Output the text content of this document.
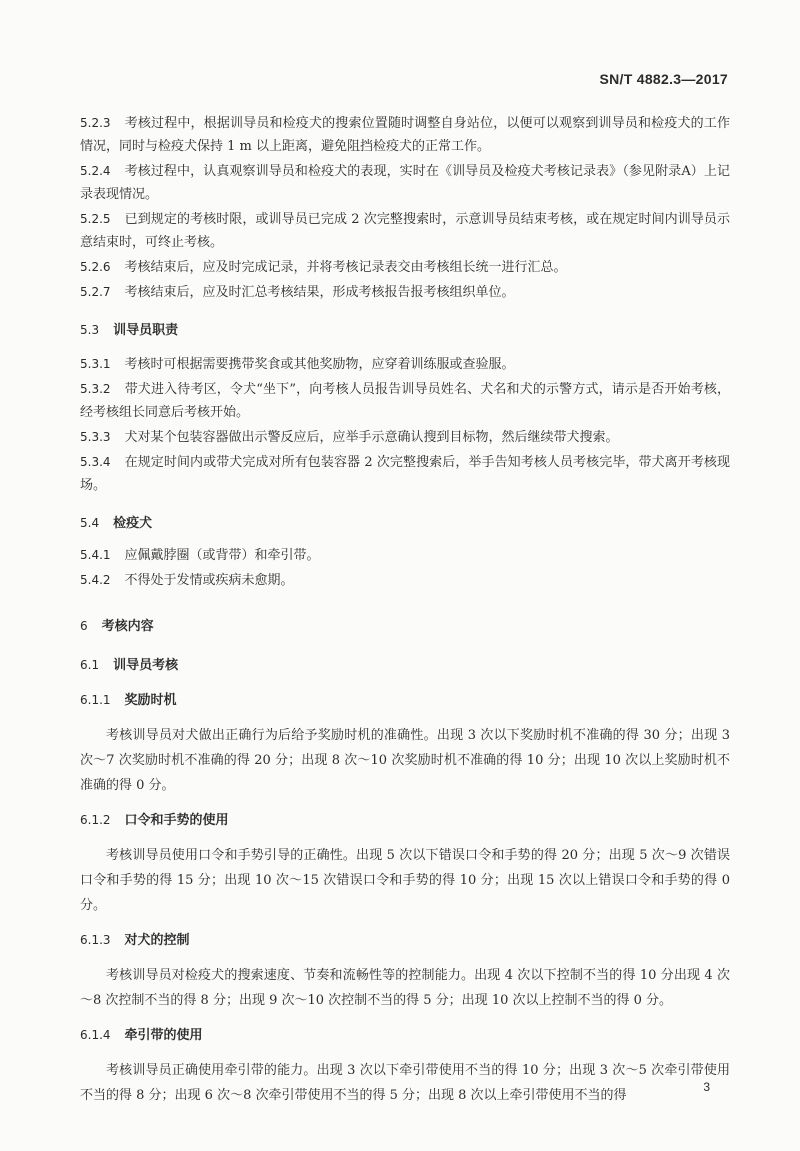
SN/T 4882.3—2017

5.2.3 考核过程中，根据训导员和检疫犬的搜索位置随时调整自身站位，以便可以观察到训导员和检疫犬的工作情况，同时与检疫犬保持 1 m 以上距离，避免阻挡检疫犬的正常工作。

5.2.4 考核过程中，认真观察训导员和检疫犬的表现，实时在《训导员及检疫犬考核记录表》（参见附录A）上记录表现情况。

5.2.5 已到规定的考核时限，或训导员已完成 2 次完整搜索时，示意训导员结束考核，或在规定时间内训导员示意结束时，可终止考核。

5.2.6 考核结束后，应及时完成记录，并将考核记录表交由考核组长统一进行汇总。

5.2.7 考核结束后，应及时汇总考核结果，形成考核报告报考核组织单位。

5.3 训导员职责

5.3.1 考核时可根据需要携带奖食或其他奖励物，应穿着训练服或查验服。

5.3.2 带犬进入待考区，令犬“坐下”，向考核人员报告训导员姓名、犬名和犬的示警方式，请示是否开始考核，经考核组长同意后考核开始。

5.3.3 犬对某个包装容器做出示警反应后，应举手示意确认搜到目标物，然后继续带犬搜索。

5.3.4 在规定时间内或带犬完成对所有包装容器 2 次完整搜索后，举手告知考核人员考核完毕，带犬离开考核现场。

5.4 检疫犬

5.4.1 应佩戴脖圈（或背带）和牵引带。

5.4.2 不得处于发情或疾病未愈期。

6 考核内容

6.1 训导员考核

6.1.1 奖励时机

考核训导员对犬做出正确行为后给予奖励时机的准确性。出现 3 次以下奖励时机不准确的得 30 分；出现 3 次～7 次奖励时机不准确的得 20 分；出现 8 次～10 次奖励时机不准确的得 10 分；出现 10 次以上奖励时机不准确的得 0 分。

6.1.2 口令和手势的使用

考核训导员使用口令和手势引导的正确性。出现 5 次以下错误口令和手势的得 20 分；出现 5 次～9 次错误口令和手势的得 15 分；出现 10 次～15 次错误口令和手势的得 10 分；出现 15 次以上错误口令和手势的得 0 分。

6.1.3 对犬的控制

考核训导员对检疫犬的搜索速度、节奏和流畅性等的控制能力。出现 4 次以下控制不当的得 10 分出现 4 次～8 次控制不当的得 8 分；出现 9 次～10 次控制不当的得 5 分；出现 10 次以上控制不当的得 0 分。

6.1.4 牵引带的使用

考核训导员正确使用牵引带的能力。出现 3 次以下牵引带使用不当的得 10 分；出现 3 次～5 次牵引带使用不当的得 8 分；出现 6 次～8 次牵引带使用不当的得 5 分；出现 8 次以上牵引带使用不当的得

3
